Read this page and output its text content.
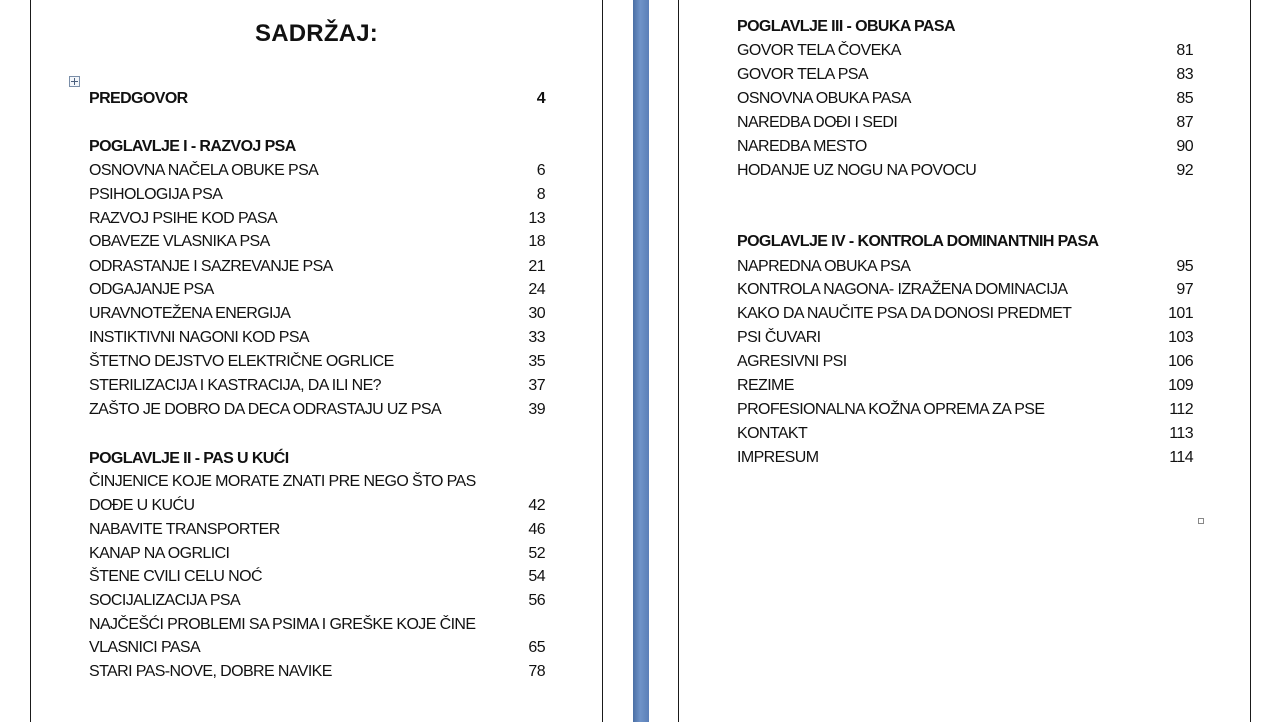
SADRŽAJ:
PREDGOVOR	4
POGLAVLJE I - RAZVOJ PSA
OSNOVNA NAČELA OBUKE PSA	6
PSIHOLOGIJA PSA	8
RAZVOJ PSIHE KOD PASA	13
OBAVEZE VLASNIKA PSA	18
ODRASTANJE I SAZREVANJE PSA	21
ODGAJANJE PSA	24
URAVNOTEŽENA ENERGIJA	30
INSTIKTIVNI NAGONI KOD PSA	33
ŠTETNO DEJSTVO ELEKTRIČNE OGRLICE	35
STERILIZACIJA I KASTRACIJA, DA ILI NE?	37
ZAŠTO JE DOBRO DA DECA ODRASTAJU UZ PSA	39
POGLAVLJE II - PAS U KUĆI
ČINJENICE KOJE MORATE ZNATI PRE NEGO ŠTO PAS
DOĐE U KUĆU	42
NABAVITE TRANSPORTER	46
KANAP NA OGRLICI	52
ŠTENE CVILI CELU NOĆ	54
SOCIJALIZACIJA PSA	56
NAJČEŠĆI PROBLEMI SA PSIMA I GREŠKE KOJE ČINE
VLASNICI PASA	65
STARI PAS-NOVE, DOBRE NAVIKE	78
POGLAVLJE III - OBUKA PASA
GOVOR TELA ČOVEKA	81
GOVOR TELA PSA	83
OSNOVNA OBUKA PASA	85
NAREDBA DOĐI I SEDI	87
NAREDBA MESTO	90
HODANJE UZ NOGU NA POVOCU	92
POGLAVLJE IV - KONTROLA DOMINANTNIH PASA
NAPREDNA OBUKA PSA	95
KONTROLA NAGONA- IZRAŽENA DOMINACIJA	97
KAKO DA NAUČITE PSA DA DONOSI PREDMET	101
PSI ČUVARI	103
AGRESIVNI PSI	106
REZIME	109
PROFESIONALNA KOŽNA OPREMA ZA PSE	112
KONTAKT	113
IMPRESUM	114
